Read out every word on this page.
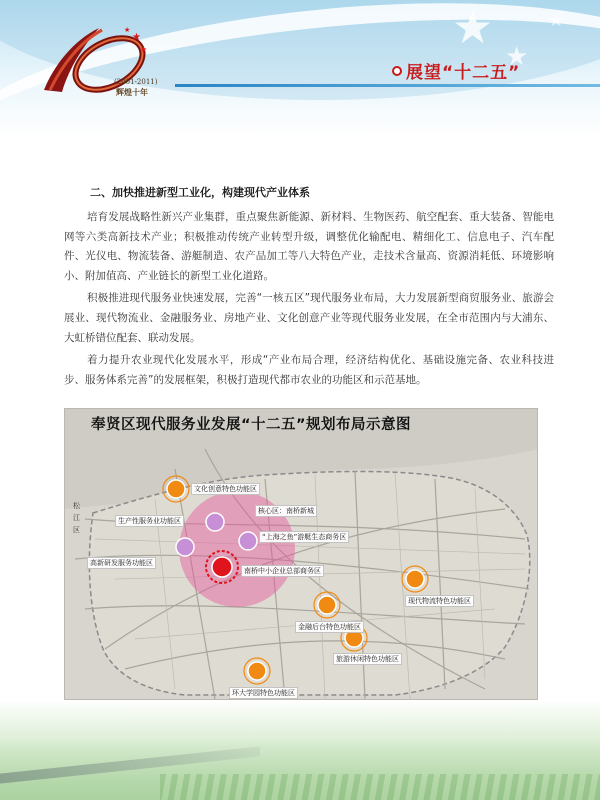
★
★
★
★
★
★
(2001-2011)
辉煌十年
展望“十二五”
二、加快推进新型工业化，构建现代产业体系

培育发展战略性新兴产业集群，重点聚焦新能源、新材料、生物医药、航空配套、重大装备、智能电网等六类高新技术产业；积极推动传统产业转型升级，调整优化输配电、精细化工、信息电子、汽车配件、光仪电、物流装备、游艇制造、农产品加工等八大特色产业，走技术含量高、资源消耗低、环境影响小、附加值高、产业链长的新型工业化道路。

积极推进现代服务业快速发展，完善“一核五区”现代服务业布局，大力发展新型商贸服务业、旅游会展业、现代物流业、金融服务业、房地产业、文化创意产业等现代服务业发展，在全市范围内与大浦东、大虹桥错位配套、联动发展。

着力提升农业现代化发展水平，形成“产业布局合理，经济结构优化、基础设施完备、农业科技进步、服务体系完善”的发展框架，积极打造现代都市农业的功能区和示范基地。

奉贤区现代服务业发展“十二五”规划布局示意图
松
江
区
文化创意特色功能区
生产性服务业功能区
核心区：南桥新城
“上海之鱼”游艇生态商务区
高新研发服务功能区
南桥中小企业总部商务区
现代物流特色功能区
金融后台特色功能区
旅游休闲特色功能区
环大学园特色功能区
